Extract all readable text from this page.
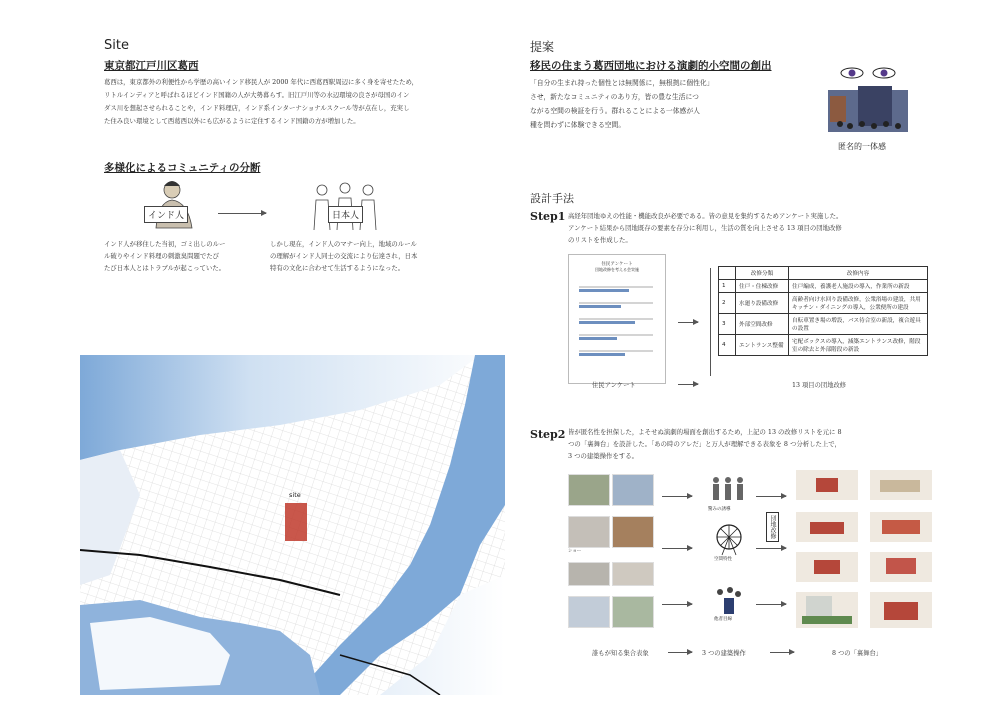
Site
東京都江戸川区葛西
葛西は，東京都外の利便性から学歴の高いインド移民人が 2000 年代に西葛西駅周辺に多く身を寄せたため，
リトルインディアと呼ばれるほどインド国籍の人が大勢暮らす。旧江戸川等の水辺環境の良さが母国のイン
ダス川を想起させられることや，インド料理店，インド系インターナショナルスクール等が点在し，充実し
た住み良い環境として西葛西以外にも広がるように定住するインド国籍の方が増加した。
多様化によるコミュニティの分断
インド人	日本人
インド人が移住した当初，ゴミ出しのルー
ル破りやインド料理の刺激臭問題でたび
たび日本人とはトラブルが起こっていた。
しかし現在，インド人のマナー向上，地域のルール
の理解がインド人同士の交流により伝達され，日本
特有の文化に合わせて生活するようになった。
site
提案
移民の住まう葛西団地における演劇的小空間の創出
「自分の生まれ持った個性とは無関係に，無根拠に個性化」
させ，新たなコミュニティのあり方，皆の豊な生活につ
ながる空間の検証を行う。群れることによる一体感が人
種を問わずに体験できる空間。
匿名的一体感
設計手法
Step1 高経年団地ゆえの性能・機能改良が必要である。皆の意見を集約するためアンケート実施した。
アンケート結果から団地既存の要素を存分に利用し，生活の質を向上させる 13 項目の団地改修
のリストを作成した。
住民アンケート
団地改修を考える会実施
	改修分類	改修内容
1	住戸・住棟改修	住戸編成，養護老人施設の導入，作業所の新設
2	水廻り設備改修	高齢者向け水回り設備改修，公衆浴場の建設，共用キッチン・ダイニングの導入，公衆便所の建設
3	外部空間改修	自転車置き場の増設，バス待合室の新設，複合遊具の設置
4	エントランス整備	宅配ボックスの導入，減築エントランス改修，階段室の除去と外部階段の新設
住民アンケート	13 項目の団地改修
Step2 皆が匿名性を担保した，よそせぬ演劇的場面を創出するため，上記の 13 の改修リストを元に 8
つの「裏舞台」を設計した。「あの時のアレだ」と万人が理解できる表象を 8 つ分析した上で，
3 つの建築操作をする。
ショー
驚みの誘導
空間特性
他者目線
団地改修
誰もが知る集合表象	3 つの建築操作	8 つの「裏舞台」
